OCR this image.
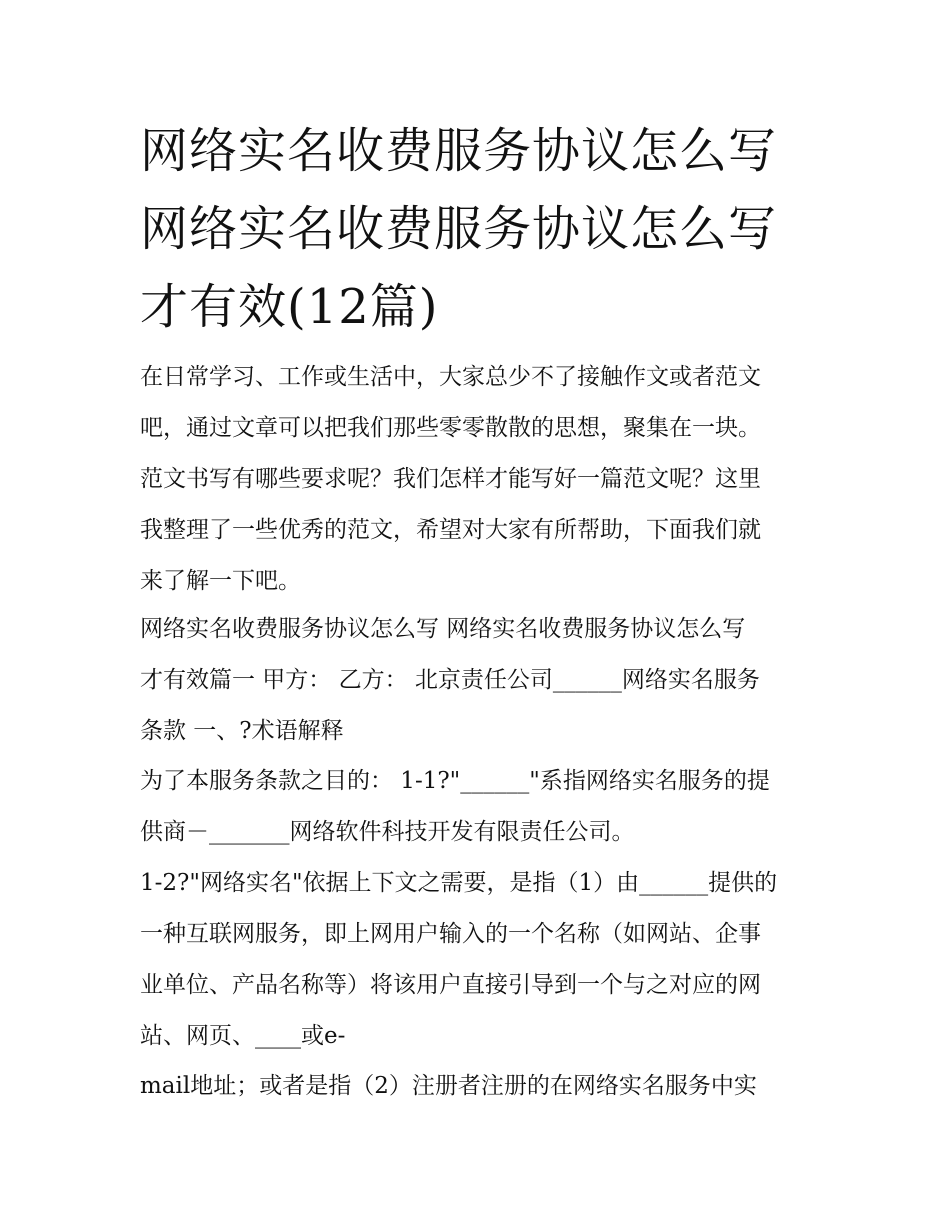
网络实名收费服务协议怎么写
网络实名收费服务协议怎么写
才有效(12篇)

在日常学习、工作或生活中，大家总少不了接触作文或者范文
吧，通过文章可以把我们那些零零散散的思想，聚集在一块。
范文书写有哪些要求呢？我们怎样才能写好一篇范文呢？这里
我整理了一些优秀的范文，希望对大家有所帮助，下面我们就
来了解一下吧。

网络实名收费服务协议怎么写 网络实名收费服务协议怎么写
才有效篇一 甲方： 乙方： 北京责任公司______网络实名服务
条款 一、?术语解释

为了本服务条款之目的： 1-1?"______"系指网络实名服务的提
供商－_______网络软件科技开发有限责任公司。

1-2?"网络实名"依据上下文之需要，是指（1）由______提供的
一种互联网服务，即上网用户输入的一个名称（如网站、企事
业单位、产品名称等）将该用户直接引导到一个与之对应的网
站、网页、____或e-

mail地址；或者是指（2）注册者注册的在网络实名服务中实
